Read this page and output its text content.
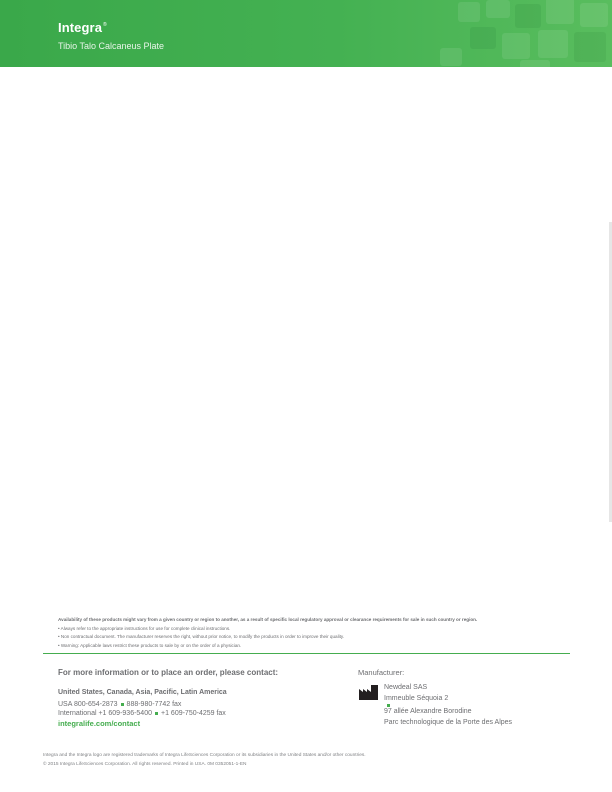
Integra®
Tibio Talo Calcaneus Plate
Availability of these products might vary from a given country or region to another, as a result of specific local regulatory approval or clearance requirements for sale in such country or region.
• Always refer to the appropriate instructions for use for complete clinical instructions.
• Non contractual document. The manufacturer reserves the right, without prior notice, to modify the products in order to improve their quality.
• Warning: Applicable laws restrict these products to sale by or on the order of a physician.
For more information or to place an order, please contact:
United States, Canada, Asia, Pacific, Latin America
USA 800-654-2873 888-980-7742 fax
International +1 609-936-5400 +1 609-750-4259 fax
integralife.com/contact
Manufacturer:
Newdeal SAS
Immeuble Séquoia 2
97 allée Alexandre Borodine
Parc technologique de la Porte des Alpes
Integra and the Integra logo are registered trademarks of Integra LifeSciences Corporation or its subsidiaries in the United States and/or other countries.
© 2015 Integra LifeSciences Corporation. All rights reserved. Printed in USA. 0M 0352051-1-EN
